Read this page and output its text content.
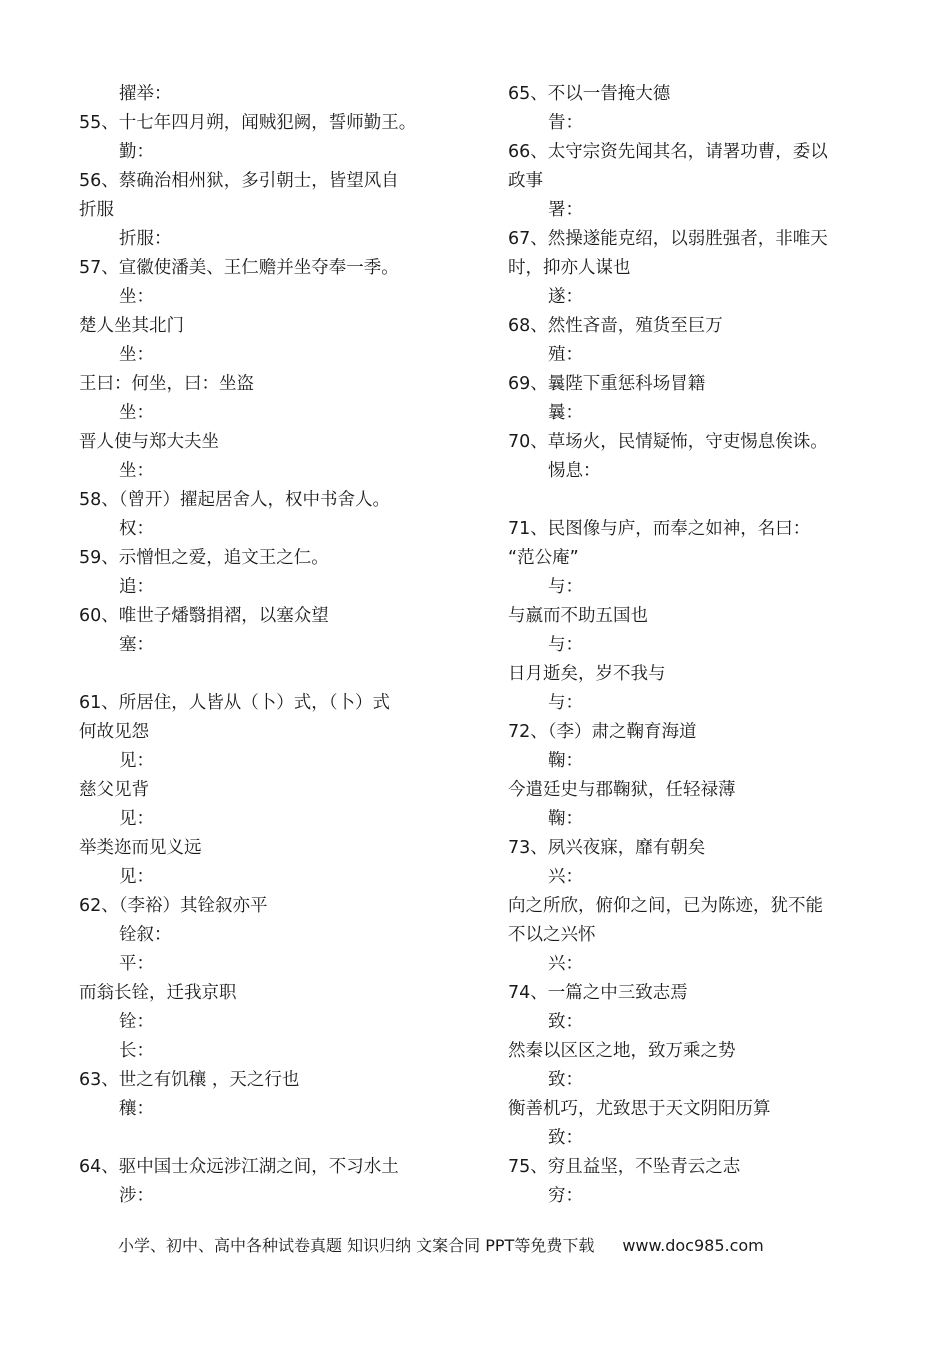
擢举：
55、十七年四月朔，闻贼犯阙，誓师勤王。
勤：
56、蔡确治相州狱，多引朝士，皆望风自
折服
折服：
57、宣徽使潘美、王仁赡并坐夺奉一季。
坐：
楚人坐其北门
坐：
王曰：何坐，曰：坐盗
坐：
晋人使与郑大夫坐
坐：
58、（曾开）擢起居舍人，权中书舍人。
权：
59、示憎怛之爱，追文王之仁。
追：
60、唯世子燔翳捐褶，以塞众望
塞：
61、所居住，人皆从（卜）式，（卜）式
何故见怨
见：
慈父见背
见：
举类迩而见义远
见：
62、（李裕）其铨叙亦平
铨叙：
平：
而翁长铨，迁我京职
铨：
长：
63、世之有饥穰 ，天之行也
穰：
64、驱中国士众远涉江湖之间，不习水土
涉：
65、不以一眚掩大德
眚：
66、太守宗资先闻其名，请署功曹，委以
政事
署：
67、然操遂能克绍，以弱胜强者，非唯天
时，抑亦人谋也
遂：
68、然性吝啬，殖货至巨万
殖：
69、曩陛下重惩科场冒籍
曩：
70、草场火，民情疑怖，守吏惕息俟诛。
惕息：
71、民图像与庐，而奉之如神，名曰：
“范公庵”
与：
与嬴而不助五国也
与：
日月逝矣，岁不我与
与：
72、（李）肃之鞠育海道
鞠：
今遣廷史与郡鞠狱，任轻禄薄
鞠：
73、夙兴夜寐，靡有朝矣
兴：
向之所欣，俯仰之间，已为陈迹，犹不能
不以之兴怀
兴：
74、一篇之中三致志焉
致：
然秦以区区之地，致万乘之势
致：
衡善机巧，尤致思于天文阴阳历算
致：
75、穷且益坚，不坠青云之志
穷：
小学、初中、高中各种试卷真题 知识归纳 文案合同 PPT等免费下载 www.doc985.com
